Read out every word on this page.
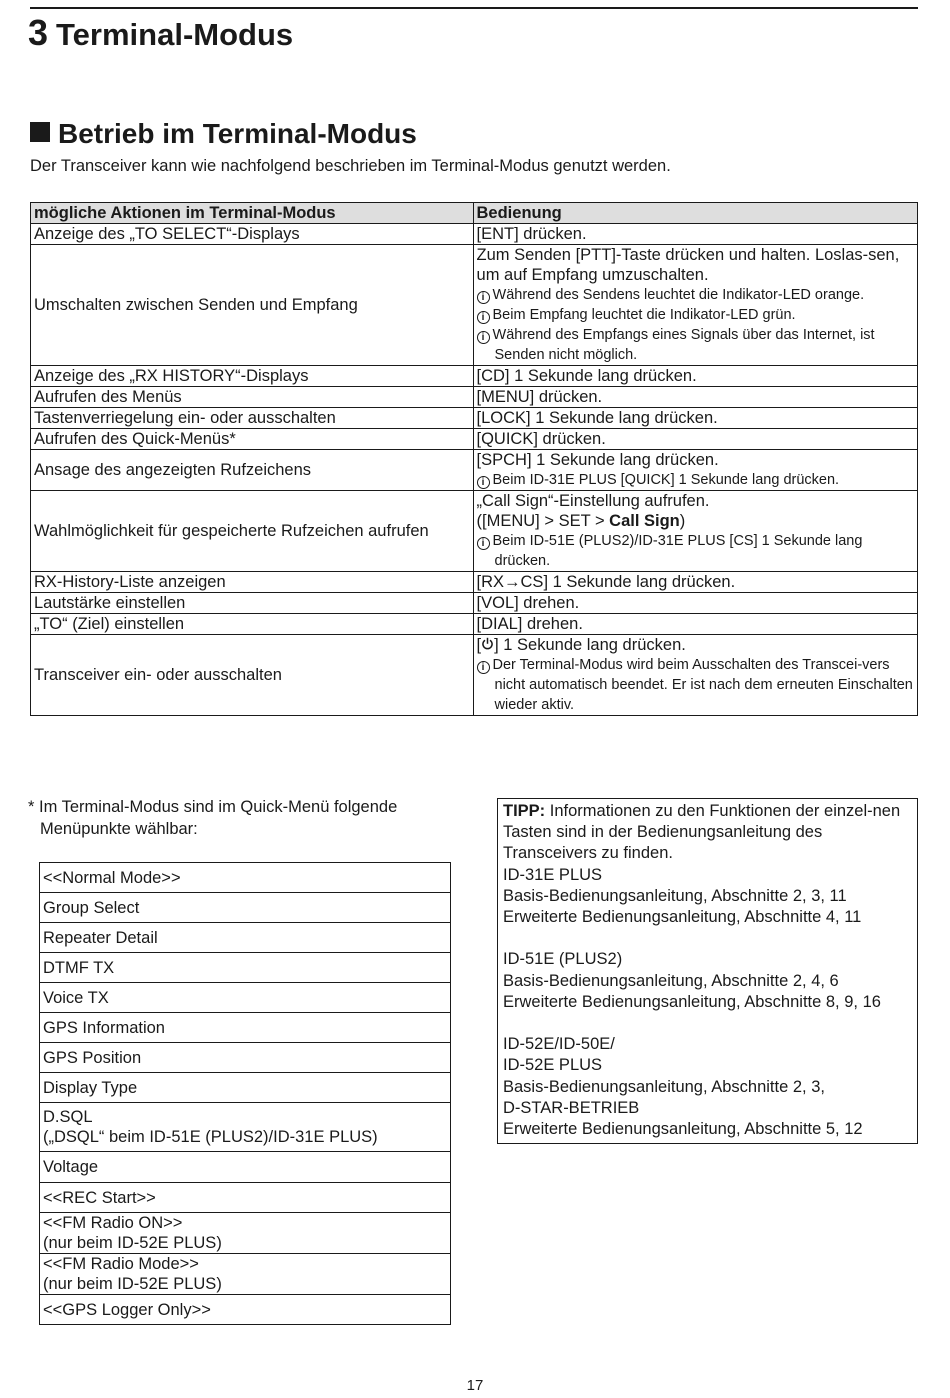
3 Terminal-Modus
Betrieb im Terminal-Modus
Der Transceiver kann wie nachfolgend beschrieben im Terminal-Modus genutzt werden.
mögliche Aktionen im Terminal-Modus	Bedienung
Anzeige des „TO SELECT“-Displays	[ENT] drücken.
Umschalten zwischen Senden und Empfang	Zum Senden [PTT]-Taste drücken und halten. Loslas-sen, um auf Empfang umzuschalten.
i Während des Sendens leuchtet die Indikator-LED orange.
i Beim Empfang leuchtet die Indikator-LED grün.
i Während des Empfangs eines Signals über das Internet, ist Senden nicht möglich.

Anzeige des „RX HISTORY“-Displays	[CD] 1 Sekunde lang drücken.
Aufrufen des Menüs	[MENU] drücken.
Tastenverriegelung ein- oder ausschalten	[LOCK] 1 Sekunde lang drücken.
Aufrufen des Quick-Menüs*	[QUICK] drücken.
Ansage des angezeigten Rufzeichens	[SPCH] 1 Sekunde lang drücken.
i Beim ID-31E PLUS [QUICK] 1 Sekunde lang drücken.

Wahlmöglichkeit für gespeicherte Rufzeichen aufrufen	„Call Sign“-Einstellung aufrufen.
([MENU] > SET > Call Sign)
i Beim ID-51E (PLUS2)/ID-31E PLUS [CS] 1 Sekunde lang drücken.

RX-History-Liste anzeigen	[RX→CS] 1 Sekunde lang drücken.
Lautstärke einstellen	[VOL] drehen.
„TO“ (Ziel) einstellen	[DIAL] drehen.
Transceiver ein- oder ausschalten	[ ] 1 Sekunde lang drücken.
i Der Terminal-Modus wird beim Ausschalten des Transcei-vers nicht automatisch beendet. Er ist nach dem erneuten Einschalten wieder aktiv.
* Im Terminal-Modus sind im Quick-Menü folgende Menüpunkte wählbar:
<<Normal Mode>>
Group Select
Repeater Detail
DTMF TX
Voice TX
GPS Information
GPS Position
Display Type
D.SQL
(„DSQL“ beim ID-51E (PLUS2)/ID-31E PLUS)
Voltage
<<REC Start>>
<<FM Radio ON>>
(nur beim ID-52E PLUS)
<<FM Radio Mode>>
(nur beim ID-52E PLUS)
<<GPS Logger Only>>
TIPP: Informationen zu den Funktionen der einzel-nen Tasten sind in der Bedienungsanleitung des Transceivers zu finden.
ID-31E PLUS
Basis-Bedienungsanleitung, Abschnitte 2, 3, 11
Erweiterte Bedienungsanleitung, Abschnitte 4, 11
ID-51E (PLUS2)
Basis-Bedienungsanleitung, Abschnitte 2, 4, 6
Erweiterte Bedienungsanleitung, Abschnitte 8, 9, 16
ID-52E/ID-50E/
ID-52E PLUS
Basis-Bedienungsanleitung, Abschnitte 2, 3,
D-STAR-BETRIEB
Erweiterte Bedienungsanleitung, Abschnitte 5, 12
17
